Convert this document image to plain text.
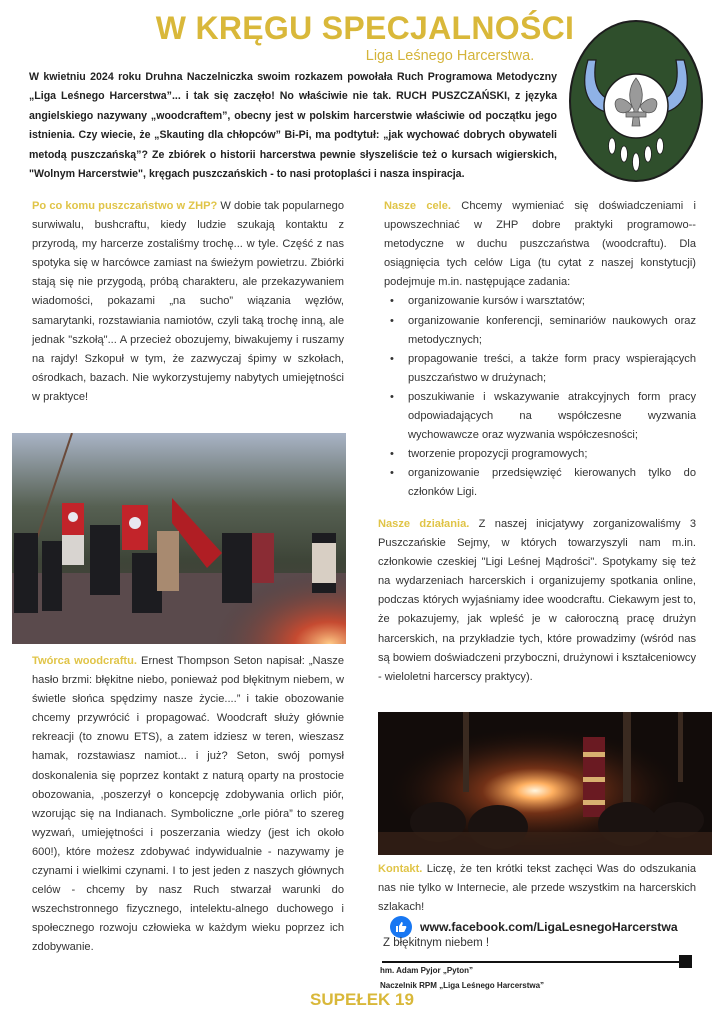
W KRĘGU SPECJALNOŚCI
Liga Leśnego Harcerstwa.
W kwietniu 2024 roku Druhna Naczelniczka swoim rozkazem powołała Ruch Programowa Metodyczny „Liga Leśnego Harcerstwa”... i tak się zaczęło! No właściwie nie tak. RUCH PUSZCZAŃSKI, z języka angielskiego nazywany „woodcraftem”, obecny jest w polskim harcerstwie właściwie od początku jego istnienia. Czy wiecie, że „Skauting dla chłopców” Bi-Pi, ma podtytuł: „jak wychować dobrych obywateli metodą puszczańską”? Ze zbiórek o historii harcerstwa pewnie słyszeliście też o kursach wigierskich, "Wolnym Harcerstwie", kręgach puszczańskich - to nasi protoplaści i nasza inspiracja.
Po co komu puszczaństwo w ZHP? W dobie tak popularnego surwiwalu, bushcraftu, kiedy ludzie szukają kontaktu z przyrodą, my harcerze zostaliśmy trochę... w tyle. Część z nas spotyka się w harcówce zamiast na świeżym powietrzu. Zbiórki stają się nie przygodą, próbą charakteru, ale przekazywaniem wiadomości, pokazami „na sucho” wiązania węzłów, samarytanki, rozstawiania namiotów, czyli taką trochę inną, ale jednak "szkołą"... A przecież obozujemy, biwakujemy i ruszamy na rajdy! Szkopuł w tym, że zazwyczaj śpimy w szkołach, ośrodkach, bazach. Nie wykorzystujemy nabytych umiejętności w praktyce!
Nasze cele. Chcemy wymieniać się doświadczeniami i upowszechniać w ZHP dobre praktyki programowo--metodyczne w duchu puszczaństwa (woodcraftu). Dla osiągnięcia tych celów Liga (tu cytat z naszej konstytucji) podejmuje m.in. następujące zadania:
• organizowanie kursów i warsztatów;
• organizowanie konferencji, seminariów naukowych oraz metodycznych;
• propagowanie treści, a także form pracy wspierających puszczaństwo w drużynach;
• poszukiwanie i wskazywanie atrakcyjnych form pracy odpowiadających na współczesne wyzwania wychowawcze oraz wyzwania współczesności;
• tworzenie propozycji programowych;
• organizowanie przedsięwzięć kierowanych tylko do członków Ligi.
Twórca woodcraftu. Ernest Thompson Seton napisał: „Nasze hasło brzmi: błękitne niebo, ponieważ pod błękitnym niebem, w świetle słońca spędzimy nasze życie....” i takie obozowanie chcemy przywrócić i propagować. Woodcraft służy głównie rekreacji (to znowu ETS), a zatem idziesz w teren, wieszasz hamak, rozstawiasz namiot... i już? Seton, swój pomysł doskonalenia się poprzez kontakt z naturą oparty na prostocie obozowania, ,poszerzył o koncepcję zdobywania orlich piór, wzorując się na Indianach. Symboliczne „orle pióra” to szereg wyzwań, umiejętności i poszerzania wiedzy (jest ich około 600!), które możesz zdobywać indywidualnie - nazywamy je czynami i wielkimi czynami. I to jest jeden z naszych głównych celów - chcemy by nasz Ruch stwarzał warunki do wszechstronnego fizycznego, intelektu-alnego duchowego i społecznego rozwoju człowieka w każdym wieku poprzez ich zdobywanie.
Nasze działania. Z naszej inicjatywy zorganizowaliśmy 3 Puszczańskie Sejmy, w których towarzyszyli nam m.in. członkowie czeskiej "Ligi Leśnej Mądrości". Spotykamy się też na wydarzeniach harcerskich i organizujemy spotkania online, podczas których wyjaśniamy idee woodcraftu. Ciekawym jest to, że pokazujemy, jak wpleść je w całoroczną pracę drużyn harcerskich, na przykładzie tych, które prowadzimy (wśród nas są bowiem doświadczeni przyboczni, drużynowi i kształceniowcy - wieloletni harcerscy praktycy).
Kontakt. Liczę, że ten krótki tekst zachęci Was do odszukania nas nie tylko w Internecie, ale przede wszystkim na harcerskich szlakach!
www.facebook.com/LigaLesnegoHarcerstwa
Z błękitnym niebem !
hm. Adam Pyjor „Pyton”
Naczelnik RPM „Liga Leśnego Harcerstwa”
SUPEŁEK 19
